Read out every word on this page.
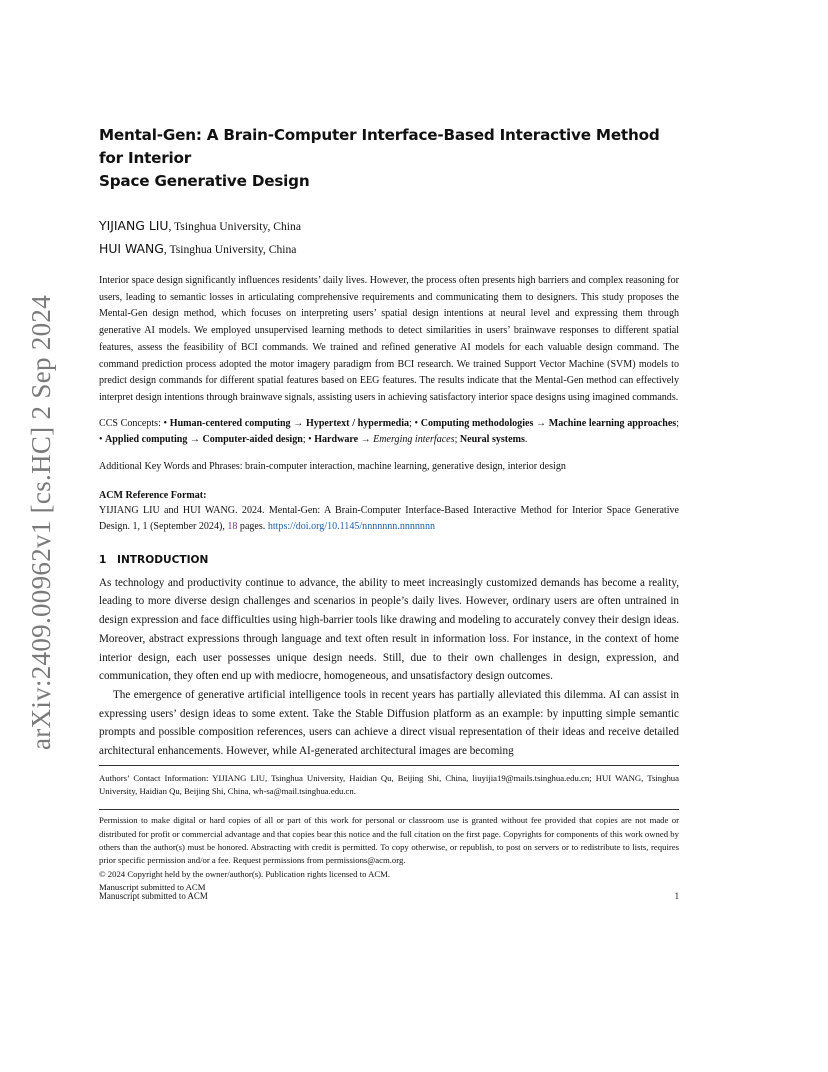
arXiv:2409.00962v1 [cs.HC] 2 Sep 2024
Mental-Gen: A Brain-Computer Interface-Based Interactive Method for Interior
Space Generative Design
YIJIANG LIU, Tsinghua University, China
HUI WANG, Tsinghua University, China
Interior space design significantly influences residents’ daily lives. However, the process often presents high barriers and complex reasoning for users, leading to semantic losses in articulating comprehensive requirements and communicating them to designers. This study proposes the Mental-Gen design method, which focuses on interpreting users’ spatial design intentions at neural level and expressing them through generative AI models. We employed unsupervised learning methods to detect similarities in users’ brainwave responses to different spatial features, assess the feasibility of BCI commands. We trained and refined generative AI models for each valuable design command. The command prediction process adopted the motor imagery paradigm from BCI research. We trained Support Vector Machine (SVM) models to predict design commands for different spatial features based on EEG features. The results indicate that the Mental-Gen method can effectively interpret design intentions through brainwave signals, assisting users in achieving satisfactory interior space designs using imagined commands.
CCS Concepts: • Human-centered computing → Hypertext / hypermedia; • Computing methodologies → Machine learning approaches; • Applied computing → Computer-aided design; • Hardware → Emerging interfaces; Neural systems.
Additional Key Words and Phrases: brain-computer interaction, machine learning, generative design, interior design
ACM Reference Format:
YIJIANG LIU and HUI WANG. 2024. Mental-Gen: A Brain-Computer Interface-Based Interactive Method for Interior Space Generative Design. 1, 1 (September 2024), 18 pages. https://doi.org/10.1145/nnnnnnn.nnnnnnn
1 INTRODUCTION

As technology and productivity continue to advance, the ability to meet increasingly customized demands has become a reality, leading to more diverse design challenges and scenarios in people’s daily lives. However, ordinary users are often untrained in design expression and face difficulties using high-barrier tools like drawing and modeling to accurately convey their design ideas. Moreover, abstract expressions through language and text often result in information loss. For instance, in the context of home interior design, each user possesses unique design needs. Still, due to their own challenges in design, expression, and communication, they often end up with mediocre, homogeneous, and unsatisfactory design outcomes.

The emergence of generative artificial intelligence tools in recent years has partially alleviated this dilemma. AI can assist in expressing users’ design ideas to some extent. Take the Stable Diffusion platform as an example: by inputting simple semantic prompts and possible composition references, users can achieve a direct visual representation of their ideas and receive detailed architectural enhancements. However, while AI-generated architectural images are becoming

Authors’ Contact Information: YIJIANG LIU, Tsinghua University, Haidian Qu, Beijing Shi, China, liuyijia19@mails.tsinghua.edu.cn; HUI WANG, Tsinghua University, Haidian Qu, Beijing Shi, China, wh-sa@mail.tsinghua.edu.cn.
Permission to make digital or hard copies of all or part of this work for personal or classroom use is granted without fee provided that copies are not made or distributed for profit or commercial advantage and that copies bear this notice and the full citation on the first page. Copyrights for components of this work owned by others than the author(s) must be honored. Abstracting with credit is permitted. To copy otherwise, or republish, to post on servers or to redistribute to lists, requires prior specific permission and/or a fee. Request permissions from permissions@acm.org.
© 2024 Copyright held by the owner/author(s). Publication rights licensed to ACM.
Manuscript submitted to ACM
Manuscript submitted to ACM	1
